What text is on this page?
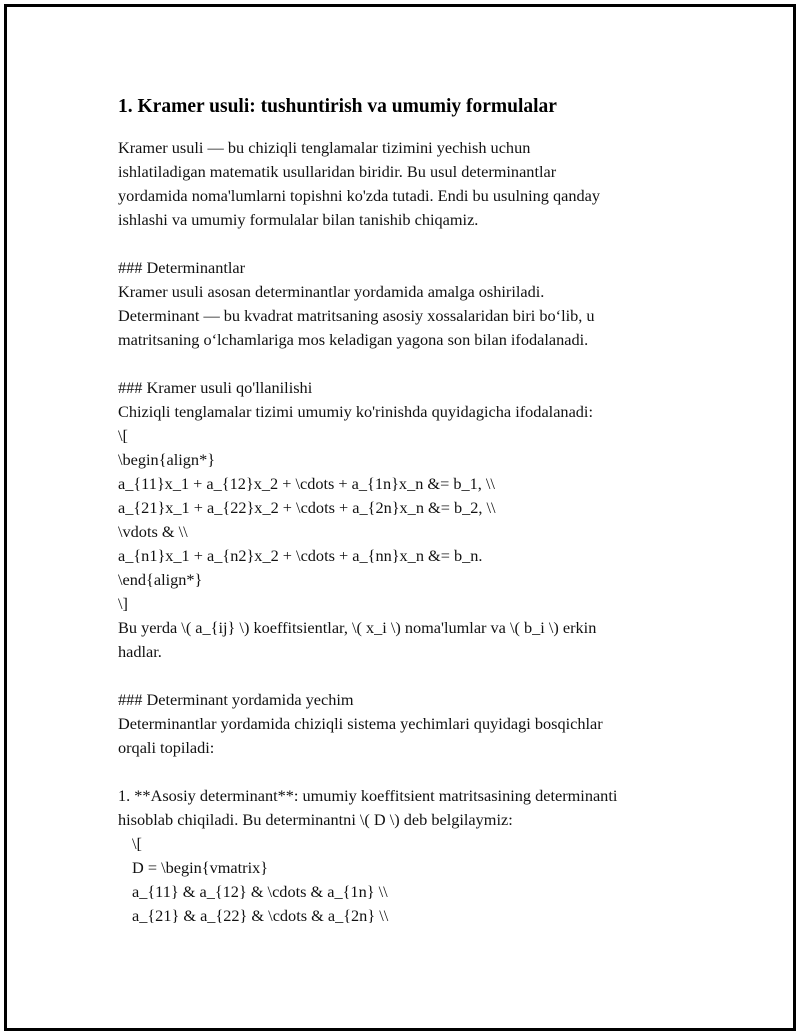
1. Kramer usuli: tushuntirish va umumiy formulalar
Kramer usuli — bu chiziqli tenglamalar tizimini yechish uchun
ishlatiladigan matematik usullaridan biridir. Bu usul determinantlar
yordamida noma'lumlarni topishni ko'zda tutadi. Endi bu usulning qanday
ishlashi va umumiy formulalar bilan tanishib chiqamiz.
### Determinantlar
Kramer usuli asosan determinantlar yordamida amalga oshiriladi.
Determinant — bu kvadrat matritsaning asosiy xossalaridan biri bo‘lib, u
matritsaning o‘lchamlariga mos keladigan yagona son bilan ifodalanadi.
### Kramer usuli qo'llanilishi
Chiziqli tenglamalar tizimi umumiy ko'rinishda quyidagicha ifodalanadi:
\[
\begin{align*}
a_{11}x_1 + a_{12}x_2 + \cdots + a_{1n}x_n &= b_1, \\
a_{21}x_1 + a_{22}x_2 + \cdots + a_{2n}x_n &= b_2, \\
\vdots & \\
a_{n1}x_1 + a_{n2}x_2 + \cdots + a_{nn}x_n &= b_n.
\end{align*}
\]
Bu yerda \( a_{ij} \) koeffitsientlar, \( x_i \) noma'lumlar va \( b_i \) erkin
hadlar.
### Determinant yordamida yechim
Determinantlar yordamida chiziqli sistema yechimlari quyidagi bosqichlar
orqali topiladi:
1. **Asosiy determinant**: umumiy koeffitsient matritsasining determinanti
hisoblab chiqiladi. Bu determinantni \( D \) deb belgilaymiz:
\[
D = \begin{vmatrix}
a_{11} & a_{12} & \cdots & a_{1n} \\
a_{21} & a_{22} & \cdots & a_{2n} \\
